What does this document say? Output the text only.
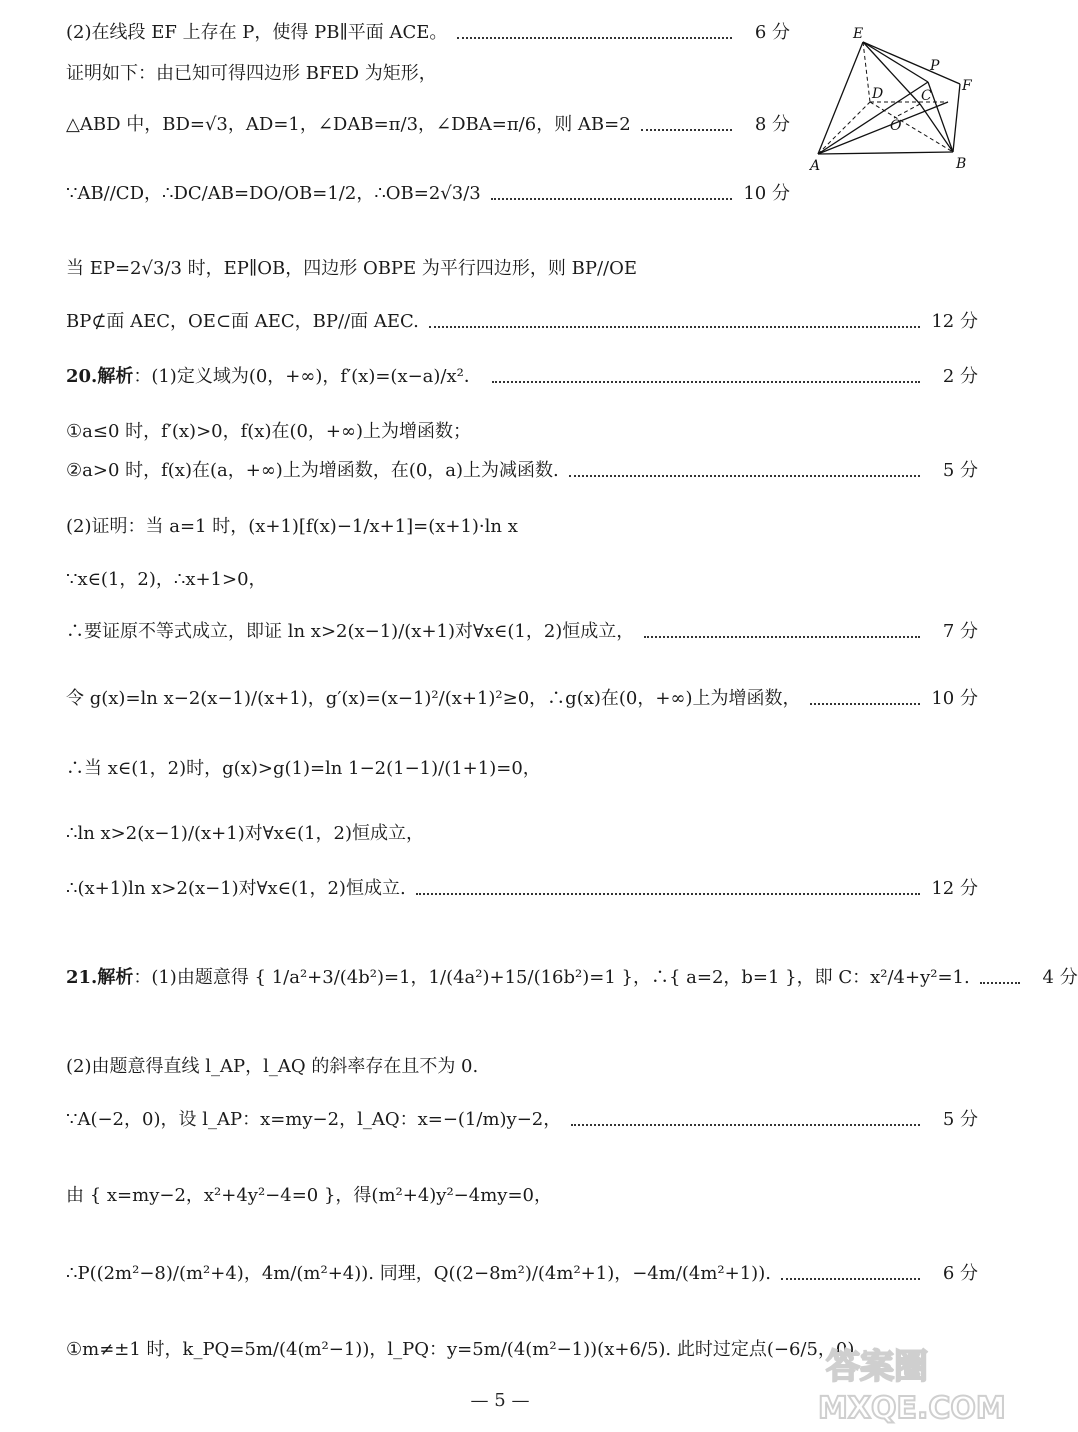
(2)在线段 EF 上存在 P，使得 PB∥平面 ACE。	6 分
证明如下：由已知可得四边形 BFED 为矩形，
△ABD 中，BD=√3，AD=1，∠DAB=π/3，∠DBA=π/6，则 AB=2	8 分
∵AB//CD，∴DC/AB=DO/OB=1/2，∴OB=2√3/3	10 分
当 EP=2√3/3 时，EP∥OB，四边形 OBPE 为平行四边形，则 BP//OE
BP⊄面 AEC，OE⊂面 AEC，BP//面 AEC.	12 分
20.解析：(1)定义域为(0，+∞)，f′(x)=(x−a)/x²．	2 分
①a≤0 时，f′(x)>0，f(x)在(0，+∞)上为增函数；
②a>0 时，f(x)在(a，+∞)上为增函数，在(0，a)上为减函数.	5 分
(2)证明：当 a=1 时，(x+1)[f(x)−1/x+1]=(x+1)·ln x
∵x∈(1，2)，∴x+1>0，
∴要证原不等式成立，即证 ln x>2(x−1)/(x+1)对∀x∈(1，2)恒成立，	7 分
令 g(x)=ln x−2(x−1)/(x+1)，g′(x)=(x−1)²/(x+1)²≥0，∴g(x)在(0，+∞)上为增函数，	10 分
∴当 x∈(1，2)时，g(x)>g(1)=ln 1−2(1−1)/(1+1)=0，
∴ln x>2(x−1)/(x+1)对∀x∈(1，2)恒成立，
∴(x+1)ln x>2(x−1)对∀x∈(1，2)恒成立.	12 分
21.解析：(1)由题意得 { 1/a²+3/(4b²)=1，1/(4a²)+15/(16b²)=1 }，∴{ a=2，b=1 }，即 C：x²/4+y²=1.	4 分
(2)由题意得直线 l_AP，l_AQ 的斜率存在且不为 0.
∵A(−2，0)，设 l_AP：x=my−2，l_AQ：x=−(1/m)y−2，	5 分
由 { x=my−2，x²+4y²−4=0 }，得(m²+4)y²−4my=0，
∴P((2m²−8)/(m²+4)，4m/(m²+4)). 同理，Q((2−8m²)/(4m²+1)，−4m/(4m²+1)).	6 分
①m≠±1 时，k_PQ=5m/(4(m²−1))，l_PQ：y=5m/(4(m²−1))(x+6/5). 此时过定点(−6/5，0).
E
P
F
D	C
O
A	B
— 5 —
答案圈
MXQE.COM
